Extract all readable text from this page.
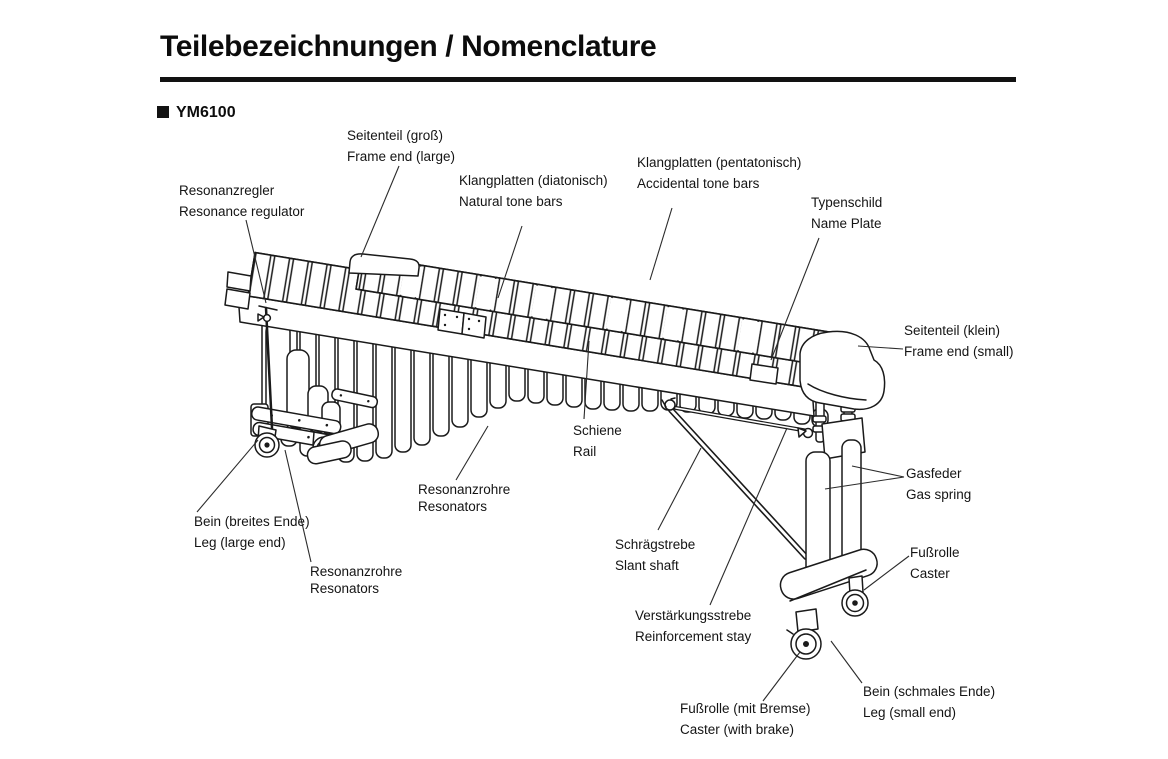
Teilebezeichnungen / Nomenclature
YM6100
Seitenteil (groß)
Frame end (large)
Resonanzregler
Resonance regulator
Klangplatten (diatonisch)
Natural tone bars
Klangplatten (pentatonisch)
Accidental tone bars
Typenschild
Name Plate
Seitenteil (klein)
Frame end (small)
Schiene
Rail
Gasfeder
Gas spring
Fußrolle
Caster
Resonanzrohre
Resonators
Bein (breites Ende)
Leg (large end)
Resonanzrohre
Resonators
Schrägstrebe
Slant shaft
Verstärkungsstrebe
Reinforcement stay
Fußrolle (mit Bremse)
Caster (with brake)
Bein (schmales Ende)
Leg (small end)
